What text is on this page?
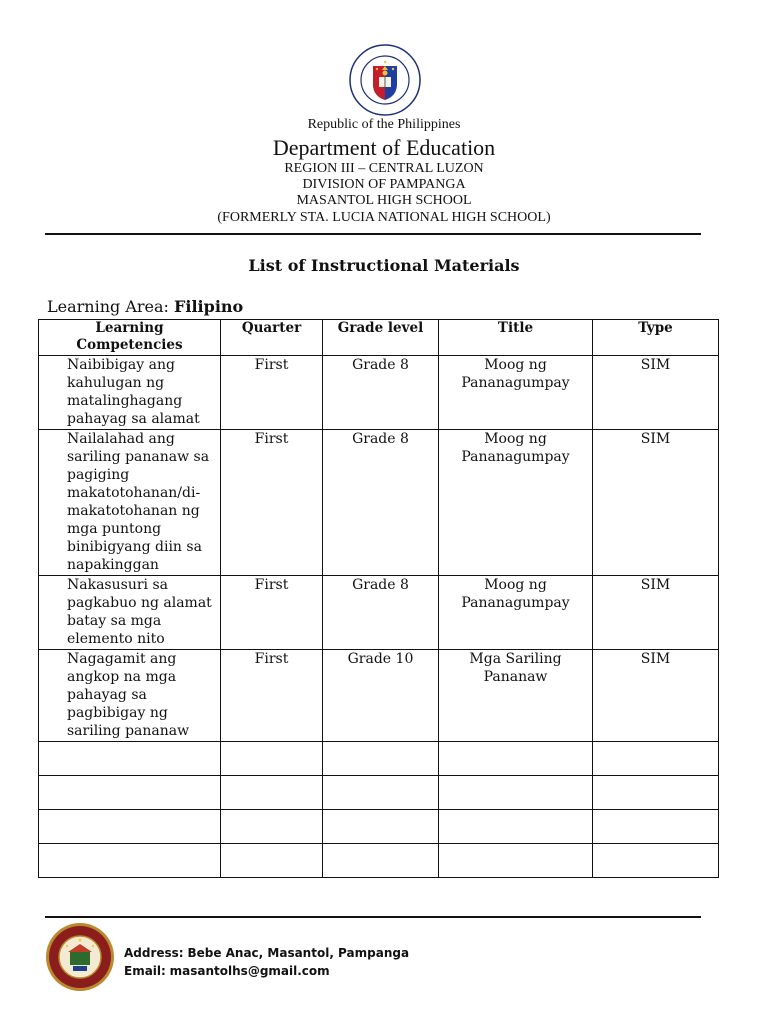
Republic of the Philippines
Department of Education
REGION III – CENTRAL LUZON
DIVISION OF PAMPANGA
MASANTOL HIGH SCHOOL
(FORMERLY STA. LUCIA NATIONAL HIGH SCHOOL)
List of Instructional Materials
Learning Area: Filipino
Learning Competencies	Quarter	Grade level	Title	Type
Naibibigay ang kahulugan ng matalinghagang pahayag sa alamat	First	Grade 8	Moog ng Pananagumpay	SIM
Nailalahad ang sariling pananaw sa pagiging makatotohanan/di-makatotohanan ng mga puntong binibigyang diin sa napakinggan	First	Grade 8	Moog ng Pananagumpay	SIM
Nakasusuri sa pagkabuo ng alamat batay sa mga elemento nito	First	Grade 8	Moog ng Pananagumpay	SIM
Nagagamit ang angkop na mga pahayag sa pagbibigay ng sariling pananaw	First	Grade 10	Mga Sariling Pananaw	SIM

Address: Bebe Anac, Masantol, Pampanga
Email: masantolhs@gmail.com
